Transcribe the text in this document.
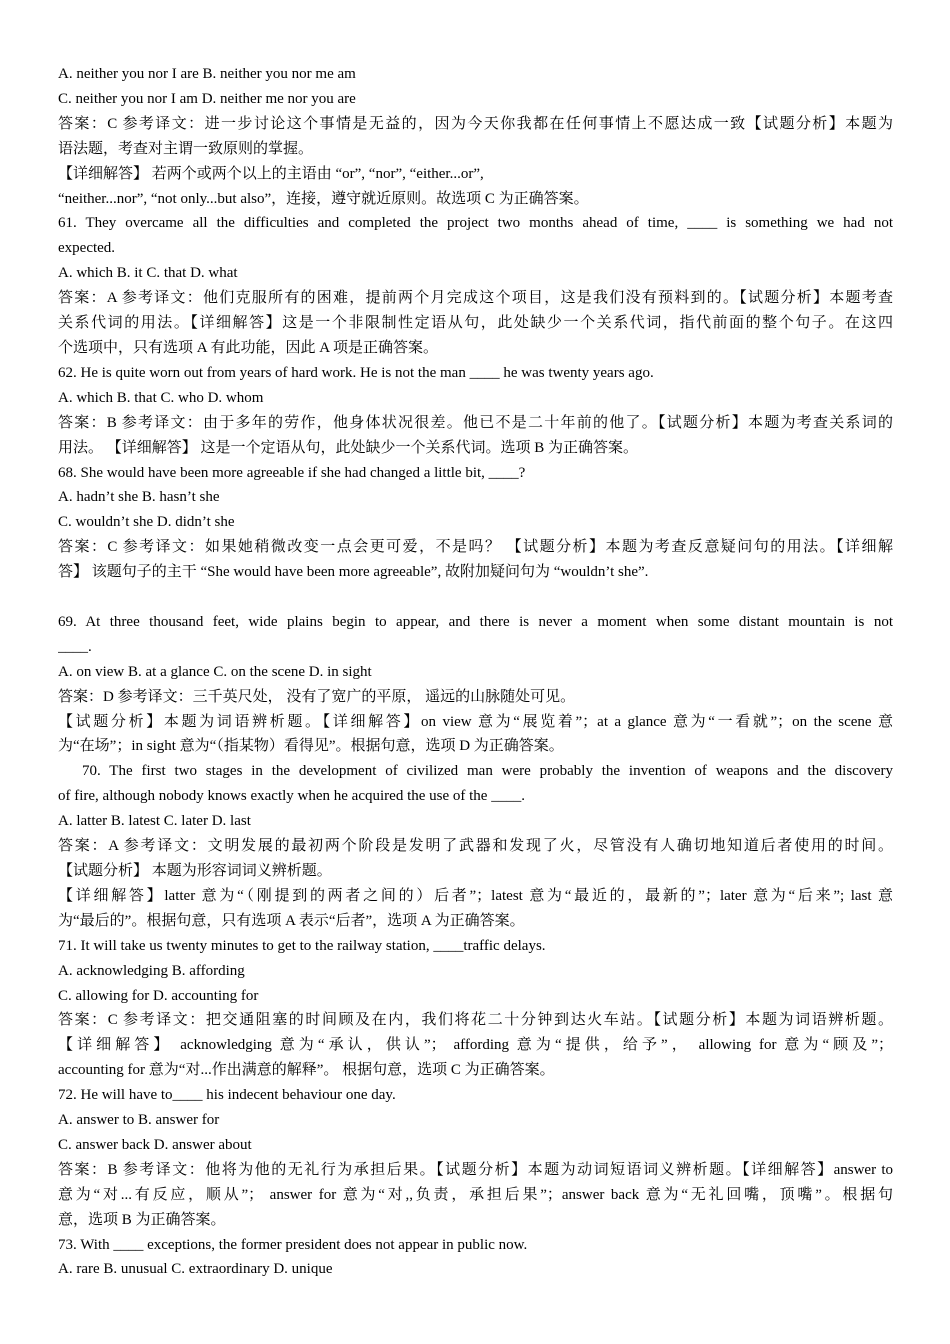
A. neither you nor I are B. neither you nor me am

C. neither you nor I am D. neither me nor you are

答案：C 参考译文：进一步讨论这个事情是无益的，因为今天你我都在任何事情上不愿达成一致【试题分析】本题为

语法题，考查对主谓一致原则的掌握。

【详细解答】 若两个或两个以上的主语由 “or”, “nor”, “either...or”,

“neither...nor”, “not only...but also”，连接，遵守就近原则。故选项 C 为正确答案。

61. They overcame all the difficulties and completed the project two months ahead of time, ____ is something we had not

expected.

A. which B. it C. that D. what

答案：A 参考译文：他们克服所有的困难，提前两个月完成这个项目，这是我们没有预料到的。【试题分析】本题考查

关系代词的用法。【详细解答】这是一个非限制性定语从句，此处缺少一个关系代词，指代前面的整个句子。在这四

个选项中，只有选项 A 有此功能，因此 A 项是正确答案。

62. He is quite worn out from years of hard work. He is not the man ____ he was twenty years ago.

A. which B. that C. who D. whom

答案：B 参考译文：由于多年的劳作，他身体状况很差。他已不是二十年前的他了。【试题分析】本题为考查关系词的

用法。 【详细解答】 这是一个定语从句，此处缺少一个关系代词。选项 B 为正确答案。

68. She would have been more agreeable if she had changed a little bit, ____?

A. hadn’t she B. hasn’t she

C. wouldn’t she D. didn’t she

答案：C 参考译文：如果她稍微改变一点会更可爱，不是吗？ 【试题分析】本题为考查反意疑问句的用法。【详细解

答】 该题句子的主干 “She would have been more agreeable”, 故附加疑问句为 “wouldn’t she”.

69. At three thousand feet, wide plains begin to appear, and there is never a moment when some distant mountain is not

____.

A. on view B. at a glance C. on the scene D. in sight

答案：D 参考译文：三千英尺处， 没有了宽广的平原， 遥远的山脉随处可见。

【试题分析】本题为词语辨析题。【详细解答】on view 意为“展览着”；at a glance 意为“一看就”；on the scene 意

为“在场”；in sight 意为“（指某物）看得见”。根据句意，选项 D 为正确答案。

70. The first two stages in the development of civilized man were probably the invention of weapons and the discovery

of fire, although nobody knows exactly when he acquired the use of the ____.

A. latter B. latest C. later D. last

答案：A 参考译文：文明发展的最初两个阶段是发明了武器和发现了火，尽管没有人确切地知道后者使用的时间。

【试题分析】 本题为形容词词义辨析题。

【详细解答】latter 意为“（刚提到的两者之间的）后者”；latest 意为“最近的，最新的”；later 意为“后来”; last 意

为“最后的”。根据句意，只有选项 A 表示“后者”，选项 A 为正确答案。

71. It will take us twenty minutes to get to the railway station, ____traffic delays.

A. acknowledging B. affording

C. allowing for D. accounting for

答案：C 参考译文：把交通阻塞的时间顾及在内，我们将花二十分钟到达火车站。【试题分析】本题为词语辨析题。

【详细解答】 acknowledging 意为“承认，供认”； affording 意为“提供，给予”， allowing for 意为“顾及”；

accounting for 意为“对...作出满意的解释”。 根据句意，选项 C 为正确答案。

72. He will have to____ his indecent behaviour one day.

A. answer to B. answer for

C. answer back D. answer about

答案：B 参考译文：他将为他的无礼行为承担后果。【试题分析】本题为动词短语词义辨析题。【详细解答】answer to

意为“对...有反应，顺从”； answer for 意为“对,,负责，承担后果”；answer back 意为“无礼回嘴，顶嘴”。根据句

意，选项 B 为正确答案。

73. With ____ exceptions, the former president does not appear in public now.

A. rare B. unusual C. extraordinary D. unique
